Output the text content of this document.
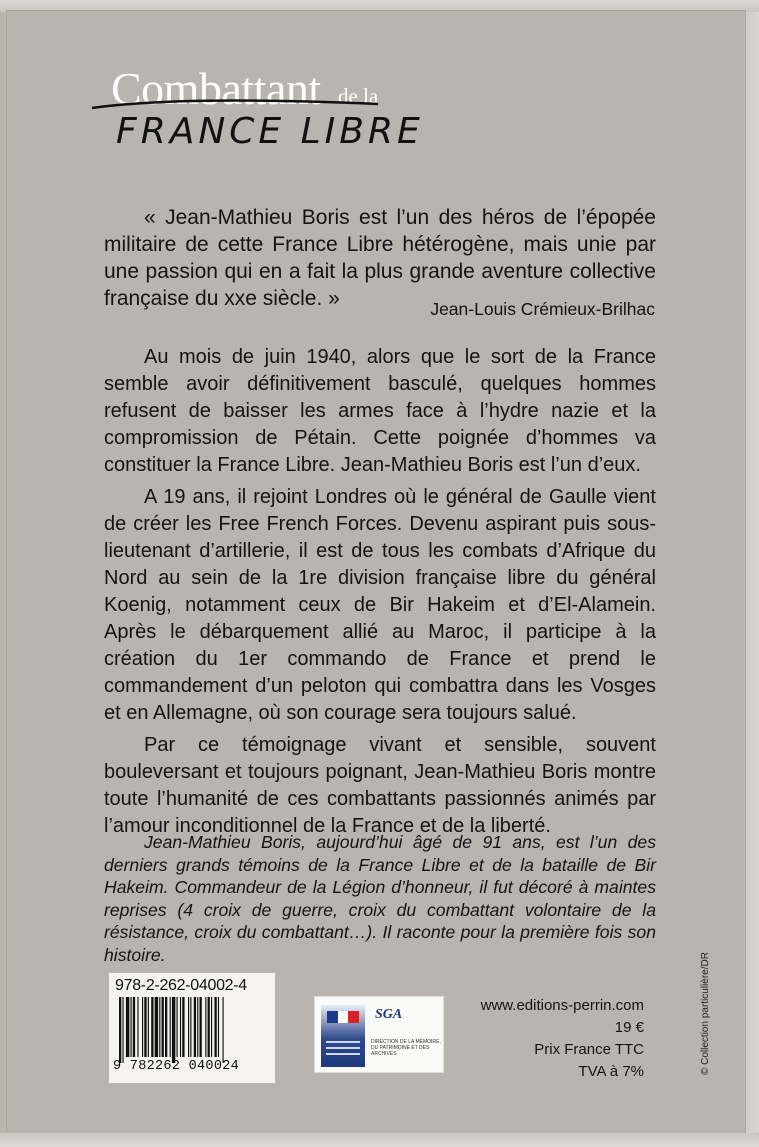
Combattant de la
FRANCE LIBRE

« Jean-Mathieu Boris est l’un des héros de l’épopée militaire de cette France Libre hétérogène, mais unie par une passion qui en a fait la plus grande aventure collective française du xxe siècle. »	Jean-Louis Crémieux-Brilhac

Au mois de juin 1940, alors que le sort de la France semble avoir définitivement basculé, quelques hommes refusent de baisser les armes face à l’hydre nazie et la compromission de Pétain. Cette poignée d’hommes va constituer la France Libre. Jean-Mathieu Boris est l’un d’eux.

A 19 ans, il rejoint Londres où le général de Gaulle vient de créer les Free French Forces. Devenu aspirant puis sous-lieutenant d’artillerie, il est de tous les combats d’Afrique du Nord au sein de la 1re division française libre du général Koenig, notamment ceux de Bir Hakeim et d’El-Alamein. Après le débarquement allié au Maroc, il participe à la création du 1er commando de France et prend le commandement d’un peloton qui combattra dans les Vosges et en Allemagne, où son courage sera toujours salué.

Par ce témoignage vivant et sensible, souvent bouleversant et toujours poignant, Jean-Mathieu Boris montre toute l’humanité de ces combattants passionnés animés par l’amour inconditionnel de la France et de la liberté.

Jean-Mathieu Boris, aujourd’hui âgé de 91 ans, est l’un des derniers grands témoins de la France Libre et de la bataille de Bir Hakeim. Commandeur de la Légion d’honneur, il fut décoré à maintes reprises (4 croix de guerre, croix du combattant volontaire de la résistance, croix du combattant…). Il raconte pour la première fois son histoire.

978-2-262-04002-4
9 782262 040024
SGA
DIRECTION DE LA MÉMOIRE, DU PATRIMOINE ET DES ARCHIVES
www.editions-perrin.com
19 €
Prix France TTC
TVA à 7%	© Collection particulière/DR
